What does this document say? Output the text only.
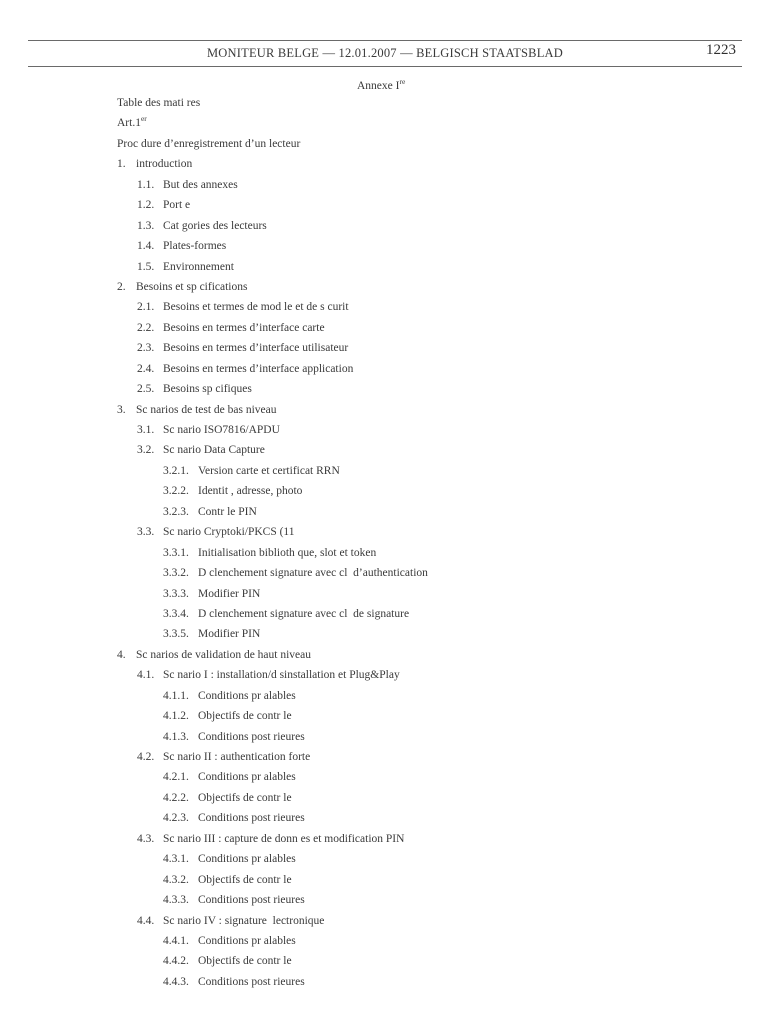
MONITEUR BELGE — 12.01.2007 — BELGISCH STAATSBLAD	1223
Annexe Ire

Table des mati res

Art.1er

Proc dure d’enregistrement d’un lecteur

1. introduction
1.1. But des annexes
1.2. Port e
1.3. Cat gories des lecteurs
1.4. Plates-formes
1.5. Environnement
2. Besoins et sp cifications
2.1. Besoins et termes de mod le et de s curit
2.2. Besoins en termes d’interface carte
2.3. Besoins en termes d’interface utilisateur
2.4. Besoins en termes d’interface application
2.5. Besoins sp cifiques
3. Sc narios de test de bas niveau
3.1. Sc nario ISO7816/APDU
3.2. Sc nario Data Capture
3.2.1. Version carte et certificat RRN
3.2.2. Identit , adresse, photo
3.2.3. Contr le PIN
3.3. Sc nario Cryptoki/PKCS (11
3.3.1. Initialisation biblioth que, slot et token
3.3.2. D clenchement signature avec cl  d’authentication
3.3.3. Modifier PIN
3.3.4. D clenchement signature avec cl  de signature
3.3.5. Modifier PIN
4. Sc narios de validation de haut niveau
4.1. Sc nario I : installation/d sinstallation et Plug&Play
4.1.1. Conditions pr alables
4.1.2. Objectifs de contr le
4.1.3. Conditions post rieures
4.2. Sc nario II : authentication forte
4.2.1. Conditions pr alables
4.2.2. Objectifs de contr le
4.2.3. Conditions post rieures
4.3. Sc nario III : capture de donn es et modification PIN
4.3.1. Conditions pr alables
4.3.2. Objectifs de contr le
4.3.3. Conditions post rieures
4.4. Sc nario IV : signature  lectronique
4.4.1. Conditions pr alables
4.4.2. Objectifs de contr le
4.4.3. Conditions post rieures
